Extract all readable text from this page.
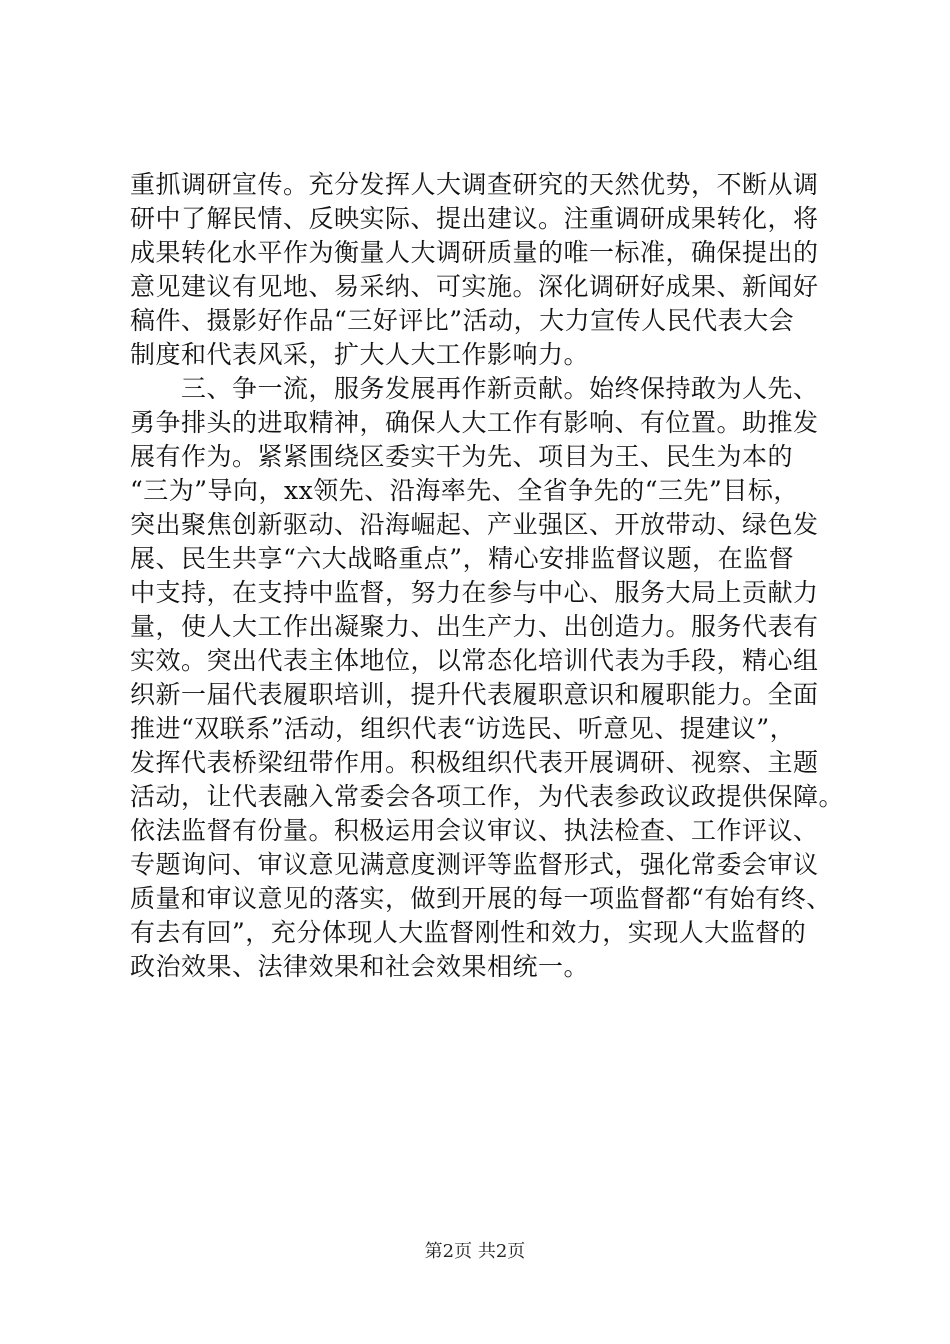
重抓调研宣传。充分发挥人大调查研究的天然优势，不断从调
研中了解民情、反映实际、提出建议。注重调研成果转化，将
成果转化水平作为衡量人大调研质量的唯一标准，确保提出的
意见建议有见地、易采纳、可实施。深化调研好成果、新闻好
稿件、摄影好作品“三好评比”活动，大力宣传人民代表大会
制度和代表风采，扩大人大工作影响力。
　　三、争一流，服务发展再作新贡献。始终保持敢为人先、
勇争排头的进取精神，确保人大工作有影响、有位置。助推发
展有作为。紧紧围绕区委实干为先、项目为王、民生为本的
“三为”导向，xx领先、沿海率先、全省争先的“三先”目标，
突出聚焦创新驱动、沿海崛起、产业强区、开放带动、绿色发
展、民生共享“六大战略重点”，精心安排监督议题，在监督
中支持，在支持中监督，努力在参与中心、服务大局上贡献力
量，使人大工作出凝聚力、出生产力、出创造力。服务代表有
实效。突出代表主体地位，以常态化培训代表为手段，精心组
织新一届代表履职培训，提升代表履职意识和履职能力。全面
推进“双联系”活动，组织代表“访选民、听意见、提建议”，
发挥代表桥梁纽带作用。积极组织代表开展调研、视察、主题
活动，让代表融入常委会各项工作，为代表参政议政提供保障。
依法监督有份量。积极运用会议审议、执法检查、工作评议、
专题询问、审议意见满意度测评等监督形式，强化常委会审议
质量和审议意见的落实，做到开展的每一项监督都“有始有终、
有去有回”，充分体现人大监督刚性和效力，实现人大监督的
政治效果、法律效果和社会效果相统一。
第2页 共2页
